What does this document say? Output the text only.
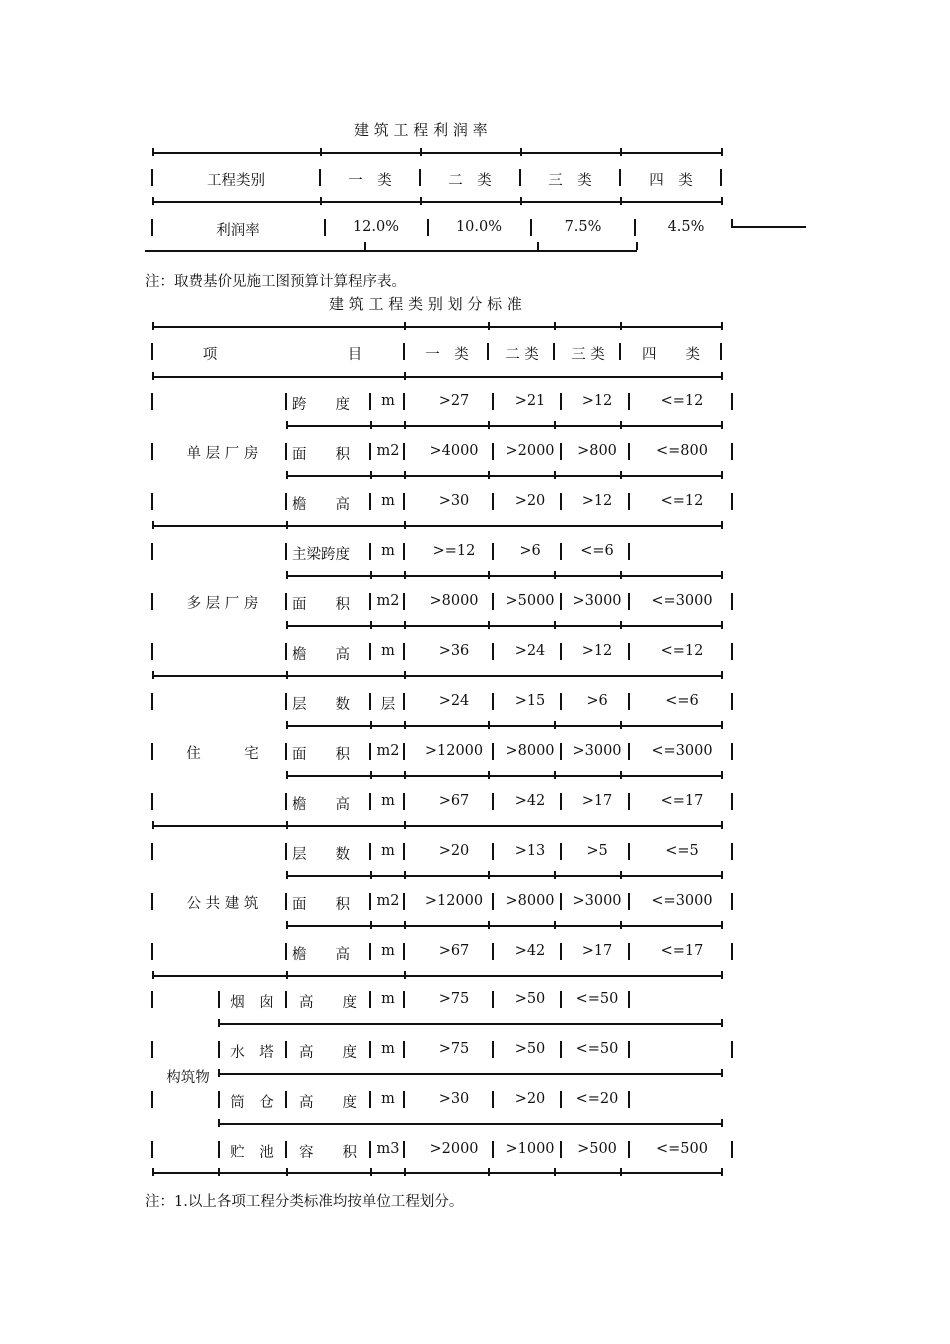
建 筑 工 程 利 润 率
工程类别	一　类	二　类	三　类	四　类
利润率	12.0%	10.0%	7.5%	4.5%
注：取费基价见施工图预算计算程序表。
建 筑 工 程 类 别 划 分 标 准
项	目	一　类	二 类	三 类	四　　类
单 层 厂 房
跨　　度	m	>27	>21	>12	<=12
面　　积	m2	>4000	>2000	>800	<=800
檐　　高	m	>30	>20	>12	<=12
多 层 厂 房
主梁跨度	m	>=12	>6	<=6
面　　积	m2	>8000	>5000	>3000	<=3000
檐　　高	m	>36	>24	>12	<=12
住　　　宅
层　　数	层	>24	>15	>6	<=6
面　　积	m2	>12000	>8000	>3000	<=3000
檐　　高	m	>67	>42	>17	<=17
公 共 建 筑
层　　数	m	>20	>13	>5	<=5
面　　积	m2	>12000	>8000	>3000	<=3000
檐　　高	m	>67	>42	>17	<=17
构筑物
烟　囱	高　　度	m	>75	>50	<=50
水　塔	高　　度	m	>75	>50	<=50
筒　仓	高　　度	m	>30	>20	<=20
贮　池	容　　积	m3	>2000	>1000	>500	<=500
注：1.以上各项工程分类标准均按单位工程划分。
